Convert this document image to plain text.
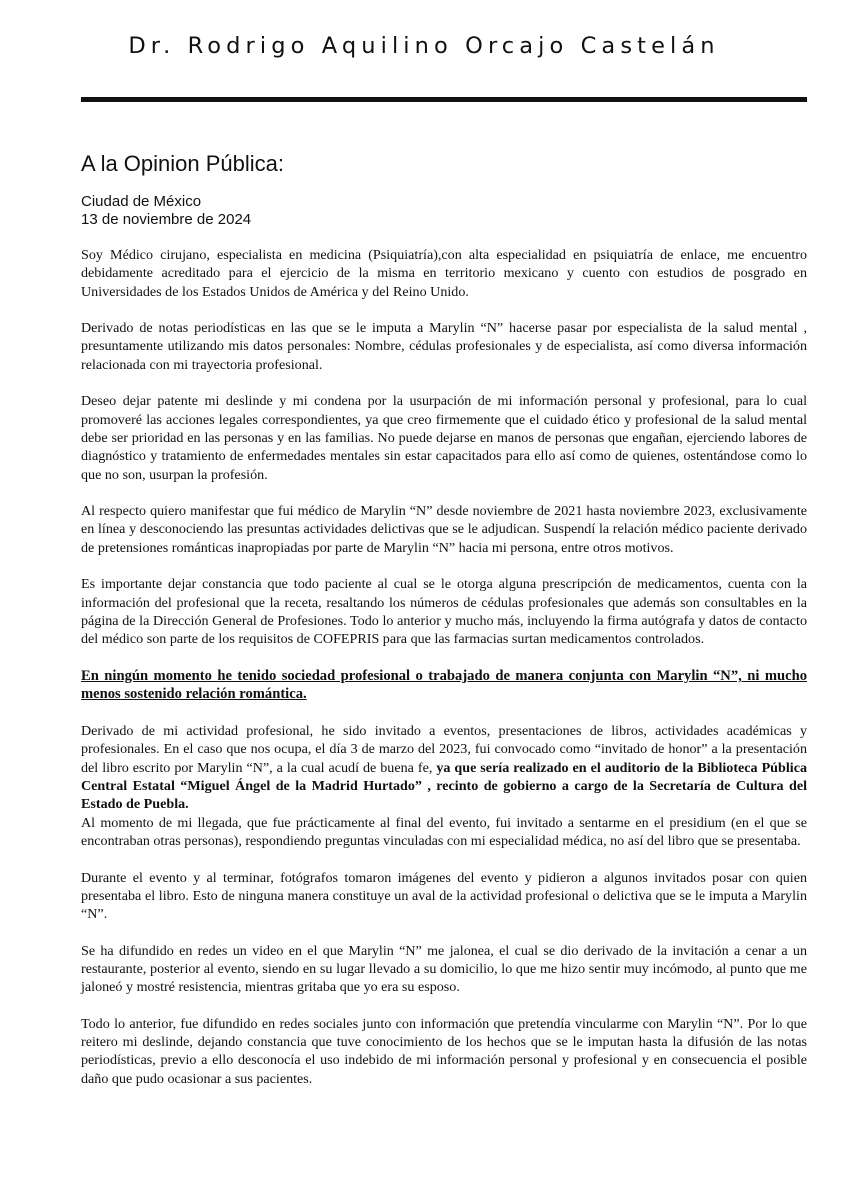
Dr. Rodrigo Aquilino Orcajo Castelán
A la Opinion Pública:
Ciudad de México
13 de noviembre de 2024

Soy Médico cirujano, especialista en medicina (Psiquiatría),con alta especialidad en psiquiatría de enlace, me encuentro debidamente acreditado para el ejercicio de la misma en territorio mexicano y cuento con estudios de posgrado en Universidades de los Estados Unidos de América y del Reino Unido.

Derivado de notas periodísticas en las que se le imputa a Marylin “N” hacerse pasar por especialista de la salud mental , presuntamente utilizando mis datos personales: Nombre, cédulas profesionales y de especialista, así como diversa información relacionada con mi trayectoria profesional.

Deseo dejar patente mi deslinde y mi condena por la usurpación de mi información personal y profesional, para lo cual promoveré las acciones legales correspondientes, ya que creo firmemente que el cuidado ético y profesional de la salud mental debe ser prioridad en las personas y en las familias. No puede dejarse en manos de personas que engañan, ejerciendo labores de diagnóstico y tratamiento de enfermedades mentales sin estar capacitados para ello así como de quienes, ostentándose como lo que no son, usurpan la profesión.

Al respecto quiero manifestar que fui médico de Marylin “N” desde noviembre de 2021 hasta noviembre 2023, exclusivamente en línea y desconociendo las presuntas actividades delictivas que se le adjudican. Suspendí la relación médico paciente derivado de pretensiones románticas inapropiadas por parte de Marylin “N” hacia mi persona, entre otros motivos.

Es importante dejar constancia que todo paciente al cual se le otorga alguna prescripción de medicamentos, cuenta con la información del profesional que la receta, resaltando los números de cédulas profesionales que además son consultables en la página de la Dirección General de Profesiones. Todo lo anterior y mucho más, incluyendo la firma autógrafa y datos de contacto del médico son parte de los requisitos de COFEPRIS para que las farmacias surtan medicamentos controlados.

En ningún momento he tenido sociedad profesional o trabajado de manera conjunta con Marylin “N”, ni mucho menos sostenido relación romántica.

Derivado de mi actividad profesional, he sido invitado a eventos, presentaciones de libros, actividades académicas y profesionales. En el caso que nos ocupa, el día 3 de marzo del 2023, fui convocado como “invitado de honor” a la presentación del libro escrito por Marylin “N”, a la cual acudí de buena fe, ya que sería realizado en el auditorio de la Biblioteca Pública Central Estatal “Miguel Ángel de la Madrid Hurtado” , recinto de gobierno a cargo de la Secretaría de Cultura del Estado de Puebla.

Al momento de mi llegada, que fue prácticamente al final del evento, fui invitado a sentarme en el presidium (en el que se encontraban otras personas), respondiendo preguntas vinculadas con mi especialidad médica, no así del libro que se presentaba.

Durante el evento y al terminar, fotógrafos tomaron imágenes del evento y pidieron a algunos invitados posar con quien presentaba el libro. Esto de ninguna manera constituye un aval de la actividad profesional o delictiva que se le imputa a Marylin “N”.

Se ha difundido en redes un video en el que Marylin “N” me jalonea, el cual se dio derivado de la invitación a cenar a un restaurante, posterior al evento, siendo en su lugar llevado a su domicilio, lo que me hizo sentir muy incómodo, al punto que me jaloneó y mostré resistencia, mientras gritaba que yo era su esposo.

Todo lo anterior, fue difundido en redes sociales junto con información que pretendía vincularme con Marylin “N”. Por lo que reitero mi deslinde, dejando constancia que tuve conocimiento de los hechos que se le imputan hasta la difusión de las notas periodísticas, previo a ello desconocía el uso indebido de mi información personal y profesional y en consecuencia el posible daño que pudo ocasionar a sus pacientes.
